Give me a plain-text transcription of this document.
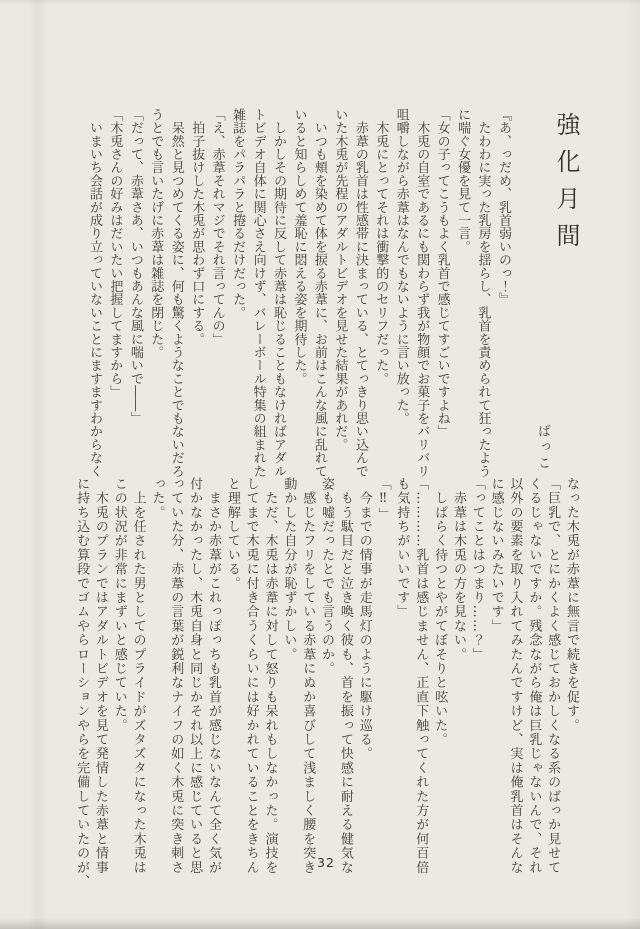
強化月間
ばっこ

『あ、っだめ、乳首弱いのっ！』

　たわわに実った乳房を揺らし、乳首を責められて狂ったよう

に喘ぐ女優を見て一言。

「女の子ってこうもよく乳首で感じてすごいですよね」

　木兎の自室であるにも関わらず我が物顔でお菓子をバリバリ

咀嚼しながら赤葦はなんでもないように言い放った。

　木兎にとってそれは衝撃的のセリフだった。

　赤葦の乳首は性感帯に決まっている、とてっきり思い込んで

いた木兎が先程のアダルトビデオを見せた結果があれだ。

　いつも頬を染めて体を捩る赤葦に、お前はこんな風に乱れて

いると知らしめて羞恥に悶える姿を期待した。

　しかしその期待に反して赤葦は恥じることもなければアダル

トビデオ自体に関心さえ向けず、バレーボール特集の組まれた

雑誌をパラパラと捲るだけだった。

「え、赤葦それマジでそれ言ってんの」

　拍子抜けした木兎が思わず口にする。

　呆然と見つめてくる姿に、何も驚くようなことでもないだろ

うとでも言いたげに赤葦は雑誌を閉じた。

「だって、赤葦さあ、いつもあんな風に喘いで――」

「木兎さんの好みはだいたい把握してますから」

　いまいち会話が成り立っていないことにますますわからなく

なった木兎が赤葦に無言で続きを促す。

「巨乳で、とにかくよく感じておかしくなる系のばっか見せて

くるじゃないですか。残念ながら俺は巨乳じゃないんで、それ

以外の要素を取り入れてみたんですけど、実は俺乳首はそんな

に感じないみたいです」

「ってことはつまり……？」

　赤葦は木兎の方を見ない。

　しばらく待つとやがてぼそりと呟いた。

「…………乳首は感じません、正直下触ってくれた方が何百倍

も気持ちがいいです」

「‼」

　今までの情事が走馬灯のように駆け巡る。

　もう駄目だと泣き喚く彼も、首を振って快感に耐える健気な

姿も嘘だったとでも言うのか。

　感じたフリをしている赤葦にぬか喜びして浅ましく腰を突き

動かした自分が恥ずかしい。

　ただ、木兎は赤葦に対して怒りも呆れもしなかった。演技を

してまで木兎に付き合うくらいには好かれていることをきちん

と理解している。

　まさか赤葦がこれっぽっちも乳首が感じないなんて全く気が

付かなかったし、木兎自身と同じかそれ以上に感じていると思

っていた分、赤葦の言葉が鋭利なナイフの如く木兎に突き刺さ

った。

　上を任された男としてのプライドがズタズタになった木兎は

この状況が非常にまずいと感じていた。

　木兎のプランではアダルトビデオを見て発情した赤葦と情事

に持ち込む算段でゴムやらローションやらを完備していたのが、	32
